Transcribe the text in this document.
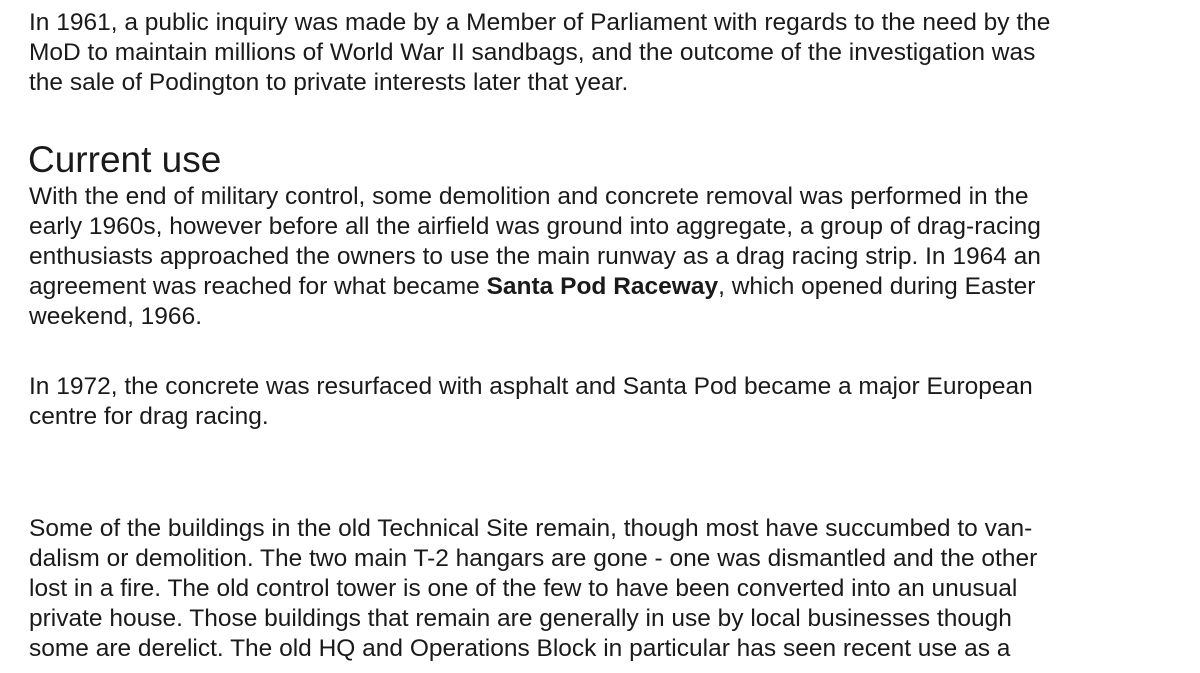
In 1961, a public inquiry was made by a Member of Parliament with regards to the need by the
MoD to maintain millions of World War II sandbags, and the outcome of the investigation was
the sale of Podington to private interests later that year.

Current use

With the end of military control, some demolition and concrete removal was performed in the
early 1960s, however before all the airfield was ground into aggregate, a group of drag-racing
enthusiasts approached the owners to use the main runway as a drag racing strip. In 1964 an
agreement was reached for what became Santa Pod Raceway, which opened during Easter
weekend, 1966.

In 1972, the concrete was resurfaced with asphalt and Santa Pod became a major European
centre for drag racing.

Some of the buildings in the old Technical Site remain, though most have succumbed to van-
dalism or demolition. The two main T-2 hangars are gone - one was dismantled and the other
lost in a fire. The old control tower is one of the few to have been converted into an unusual
private house. Those buildings that remain are generally in use by local businesses though
some are derelict. The old HQ and Operations Block in particular has seen recent use as a
